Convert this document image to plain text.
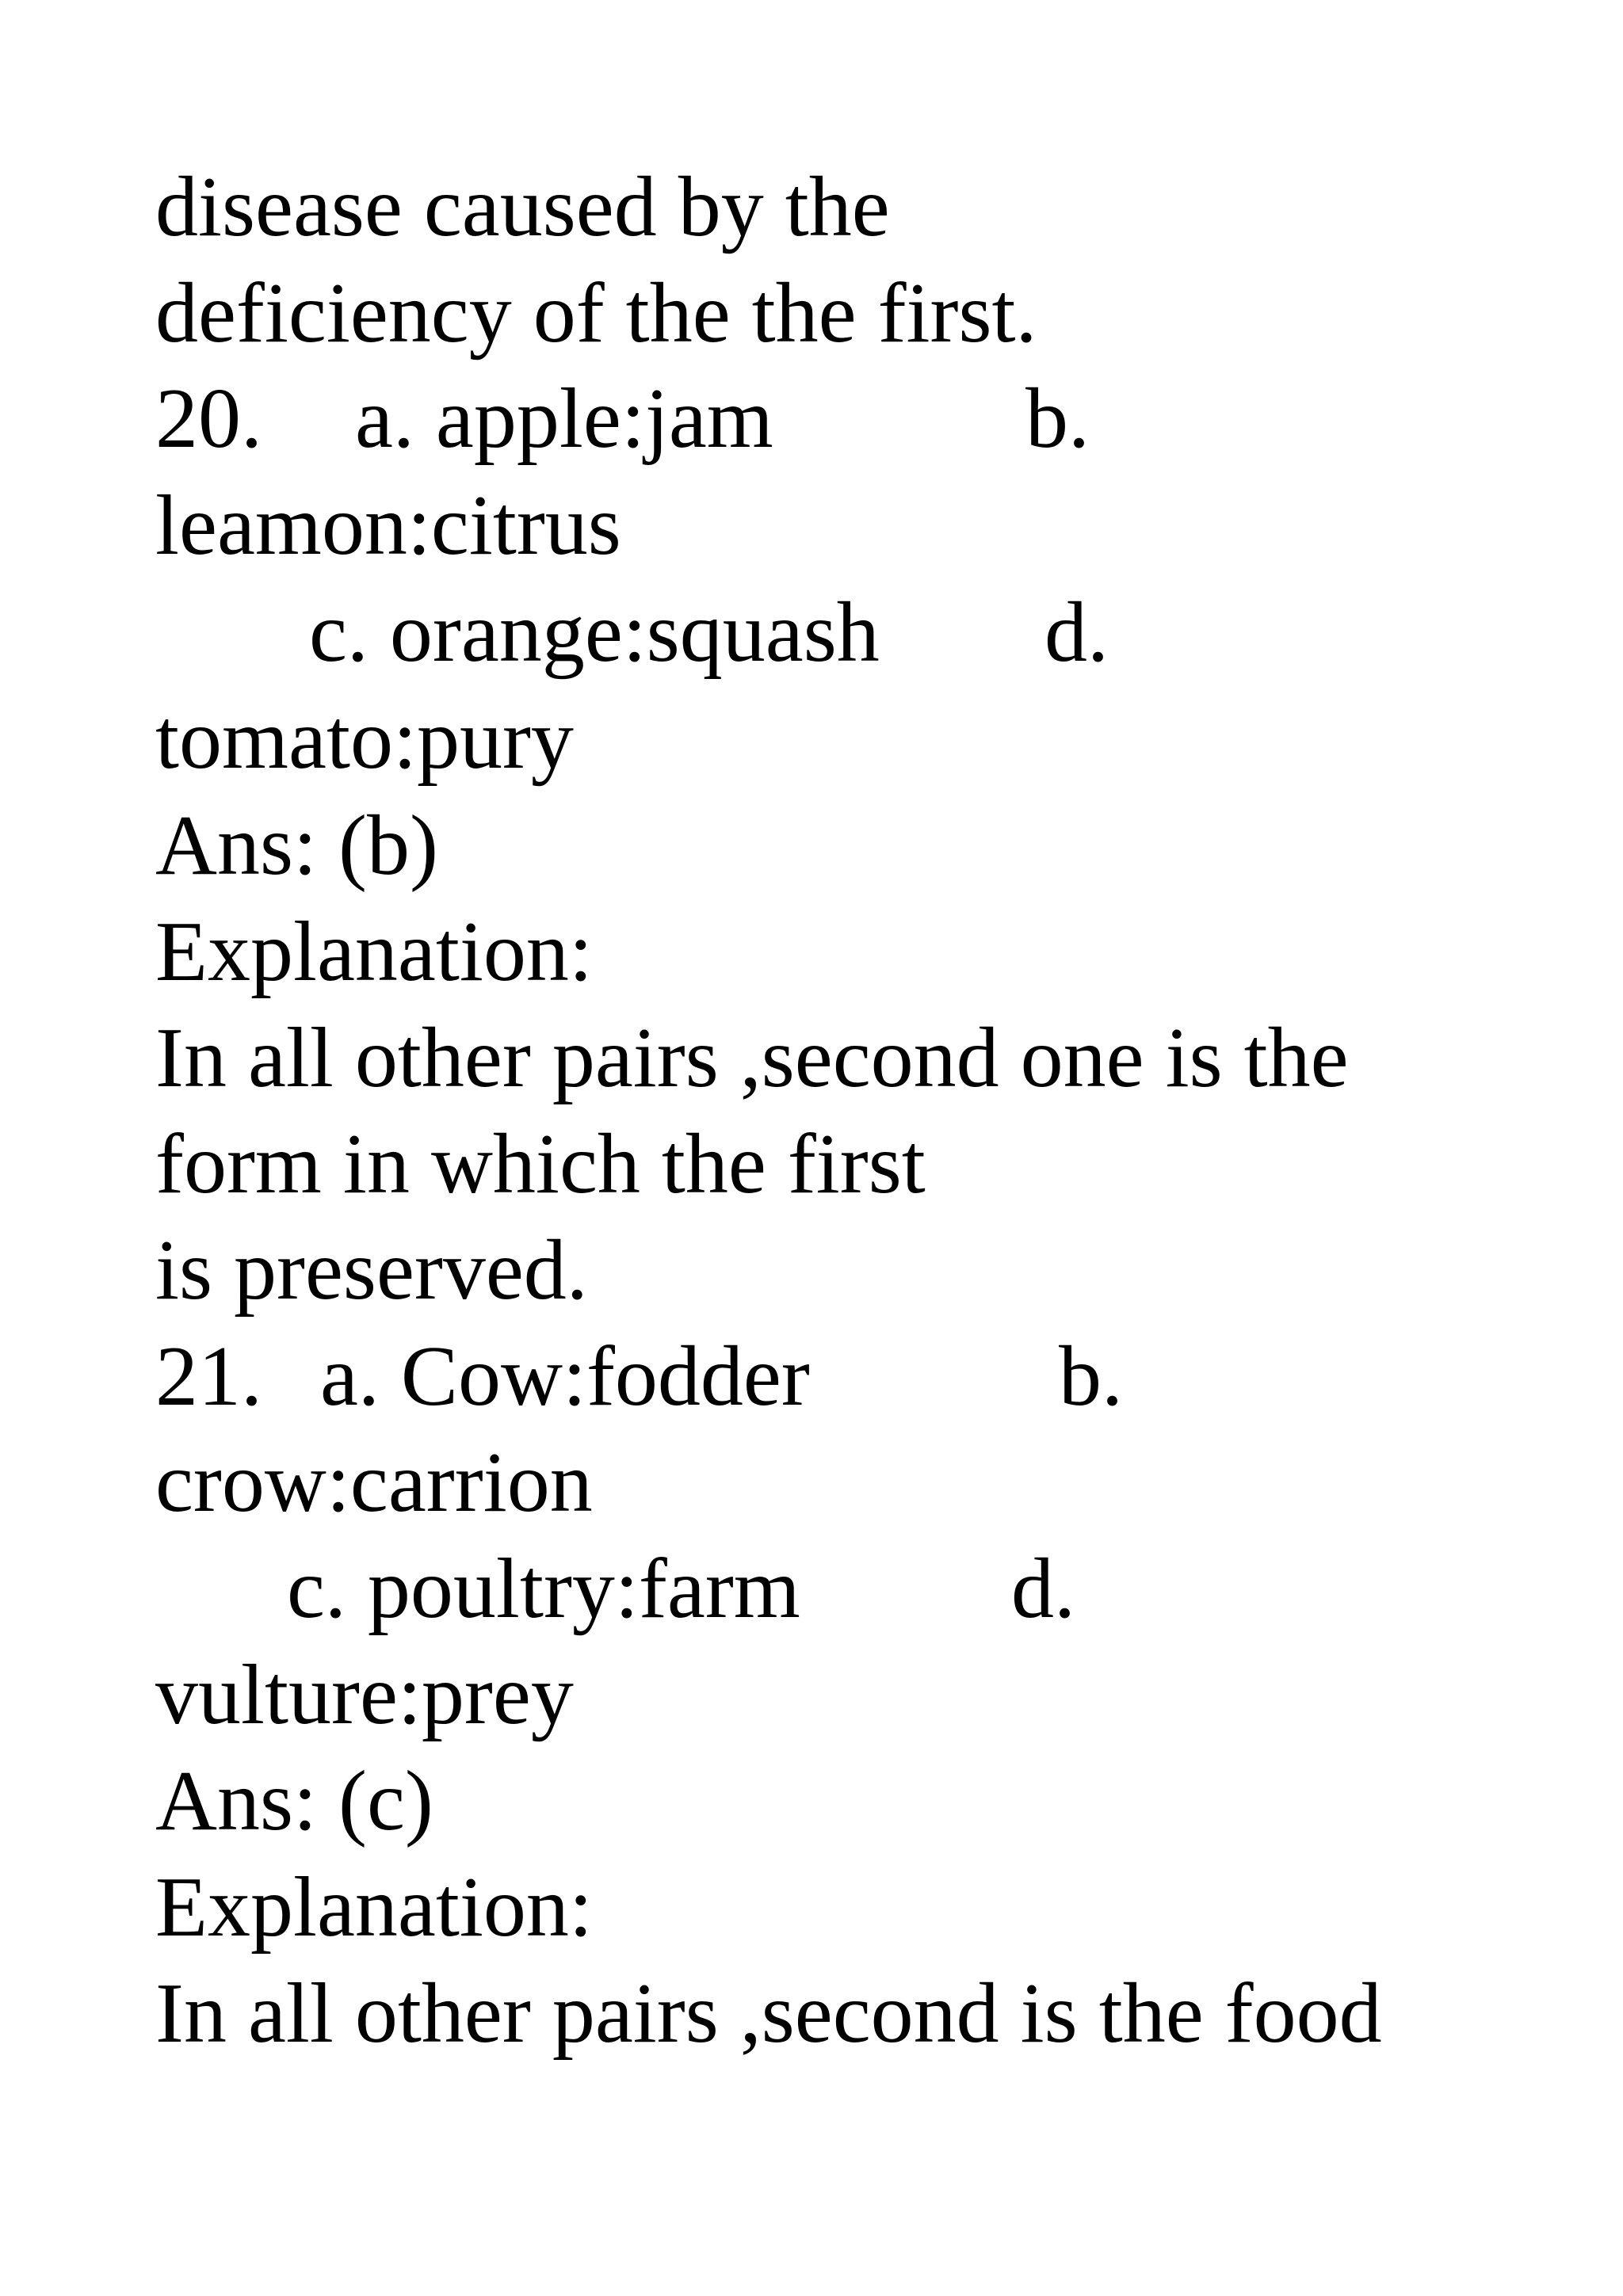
disease caused by the
deficiency of the the first.

20.

a. apple:jam

	b.

leamon:citrus

c. orange:squash

d.

tomato:pury
Ans: (b)
Explanation:
In all other pairs ,second one is the
form in which the first
is preserved.

21.

a. Cow:fodder

	b.

crow:carrion

c. poultry:farm

d.

vulture:prey
Ans: (c)
Explanation:
In all other pairs ,second is the food
